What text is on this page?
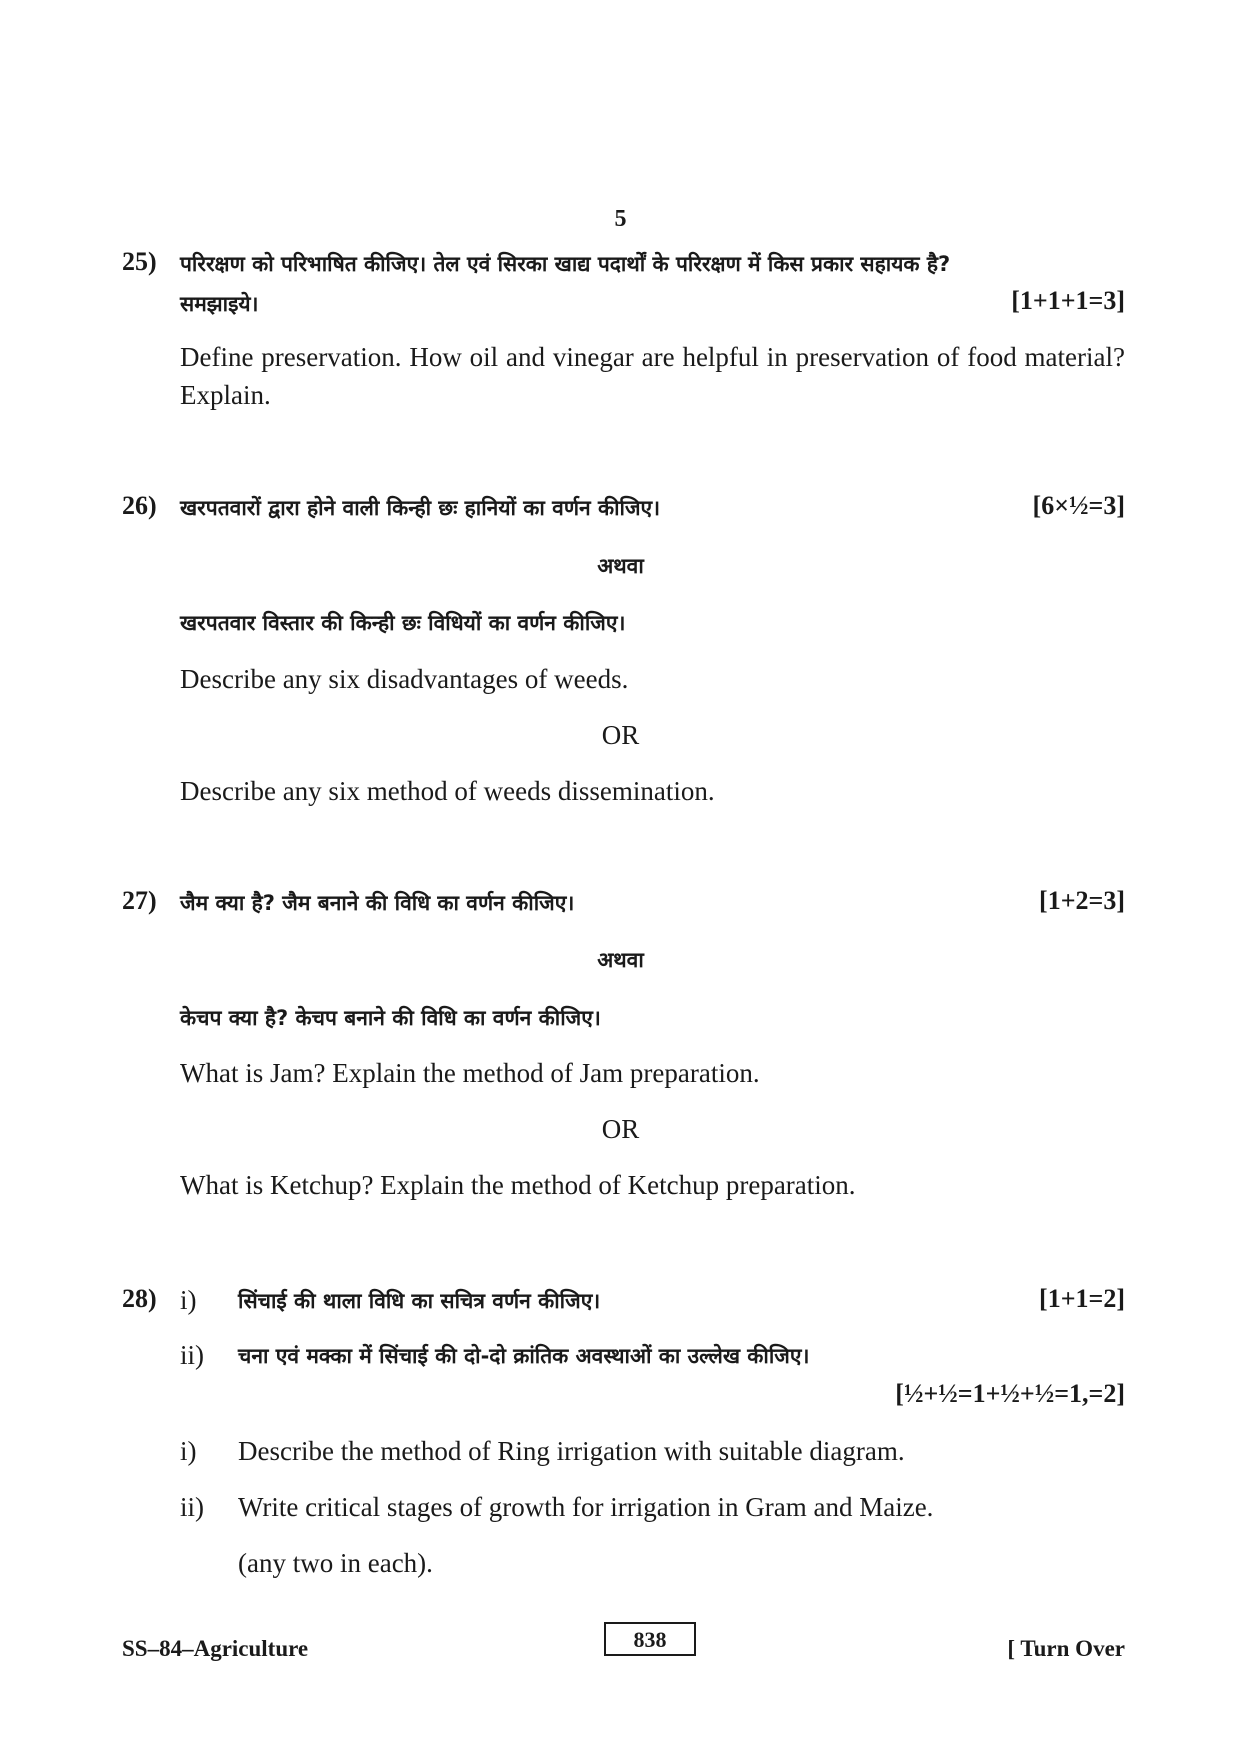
5
25) परिरक्षण को परिभाषित कीजिए। तेल एवं सिरका खाद्य पदार्थों के परिरक्षण में किस प्रकार सहायक है?
समझाइये।	[1+1+1=3]
Define preservation. How oil and vinegar are helpful in preservation of food material? Explain.
26) खरपतवारों द्वारा होने वाली किन्ही छः हानियों का वर्णन कीजिए।	[6×½=3]
अथवा
खरपतवार विस्तार की किन्ही छः विधियों का वर्णन कीजिए।
Describe any six disadvantages of weeds.
OR
Describe any six method of weeds dissemination.
27) जैम क्या है? जैम बनाने की विधि का वर्णन कीजिए।	[1+2=3]
अथवा
केचप क्या है? केचप बनाने की विधि का वर्णन कीजिए।
What is Jam? Explain the method of Jam preparation.
OR
What is Ketchup? Explain the method of Ketchup preparation.
28) i) सिंचाई की थाला विधि का सचित्र वर्णन कीजिए।	[1+1=2]
ii) चना एवं मक्का में सिंचाई की दो-दो क्रांतिक अवस्थाओं का उल्लेख कीजिए।
[½+½=1+½+½=1,=2]
i) Describe the method of Ring irrigation with suitable diagram.
ii) Write critical stages of growth for irrigation in Gram and Maize.
(any two in each).
SS–84–Agriculture	838	[ Turn Over
